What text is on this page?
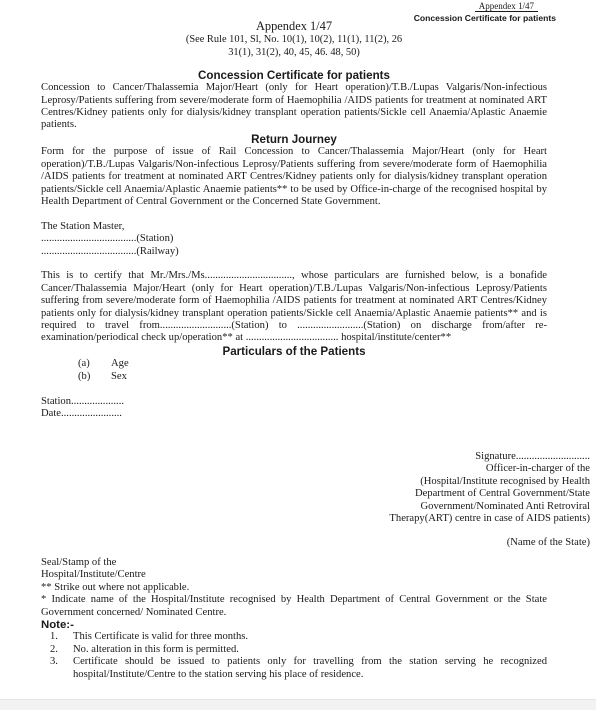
Appendex 1/47
Concession Certificate for patients
Appendex 1/47
(See Rule 101, Sl, No. 10(1), 10(2), 11(1), 11(2), 26
31(1), 31(2), 40, 45, 46. 48, 50)
Concession Certificate for patients
Concession to Cancer/Thalassemia Major/Heart (only for Heart operation)/T.B./Lupas Valgaris/Non-infectious Leprosy/Patients suffering from severe/moderate form of Haemophilia /AIDS patients for treatment at nominated ART Centres/Kidney patients only for dialysis/kidney transplant operation patients/Sickle cell Anaemia/Aplastic Anaemie patients.
Return Journey
Form for the purpose of issue of Rail Concession to Cancer/Thalassemia Major/Heart (only for Heart operation)/T.B./Lupas Valgaris/Non-infectious Leprosy/Patients suffering from severe/moderate form of Haemophilia /AIDS patients for treatment at nominated ART Centres/Kidney patients only for dialysis/kidney transplant operation patients/Sickle cell Anaemia/Aplastic Anaemie patients** to be used by Office-in-charge of the recognised hospital by Health Department of Central Government or the Concerned State Government.
The Station Master,
....................................(Station)
....................................(Railway)
This is to certify that Mr./Mrs./Ms................................., whose particulars are furnished below, is a bonafide Cancer/Thalassemia Major/Heart (only for Heart operation)/T.B./Lupas Valgaris/Non-infectious Leprosy/Patients suffering from severe/moderate form of Haemophilia /AIDS patients for treatment at nominated ART Centres/Kidney patients only for dialysis/kidney transplant operation patients/Sickle cell Anaemia/Aplastic Anaemie patients** and is required to travel from...........................(Station) to .........................(Station) on discharge from/after re-examination/periodical check up/operation** at ................................... hospital/institute/center**
Particulars of the Patients
(a) Age
(b) Sex
Station....................
Date.......................
Signature............................
Officer-in-charger of the
(Hospital/Institute recognised by Health
Department of Central Government/State
Government/Nominated Anti Retroviral
Therapy(ART) centre in case of AIDS patients)
(Name of the State)
Seal/Stamp of the
Hospital/Institute/Centre
** Strike out where not applicable.
* Indicate name of the Hospital/Institute recognised by Health Department of Central Government or the State Government concerned/ Nominated Centre.
Note:-
1. This Certificate is valid for three months.
2. No. alteration in this form is permitted.
3. Certificate should be issued to patients only for travelling from the station serving he recognized hospital/Institute/Centre to the station serving his place of residence.
